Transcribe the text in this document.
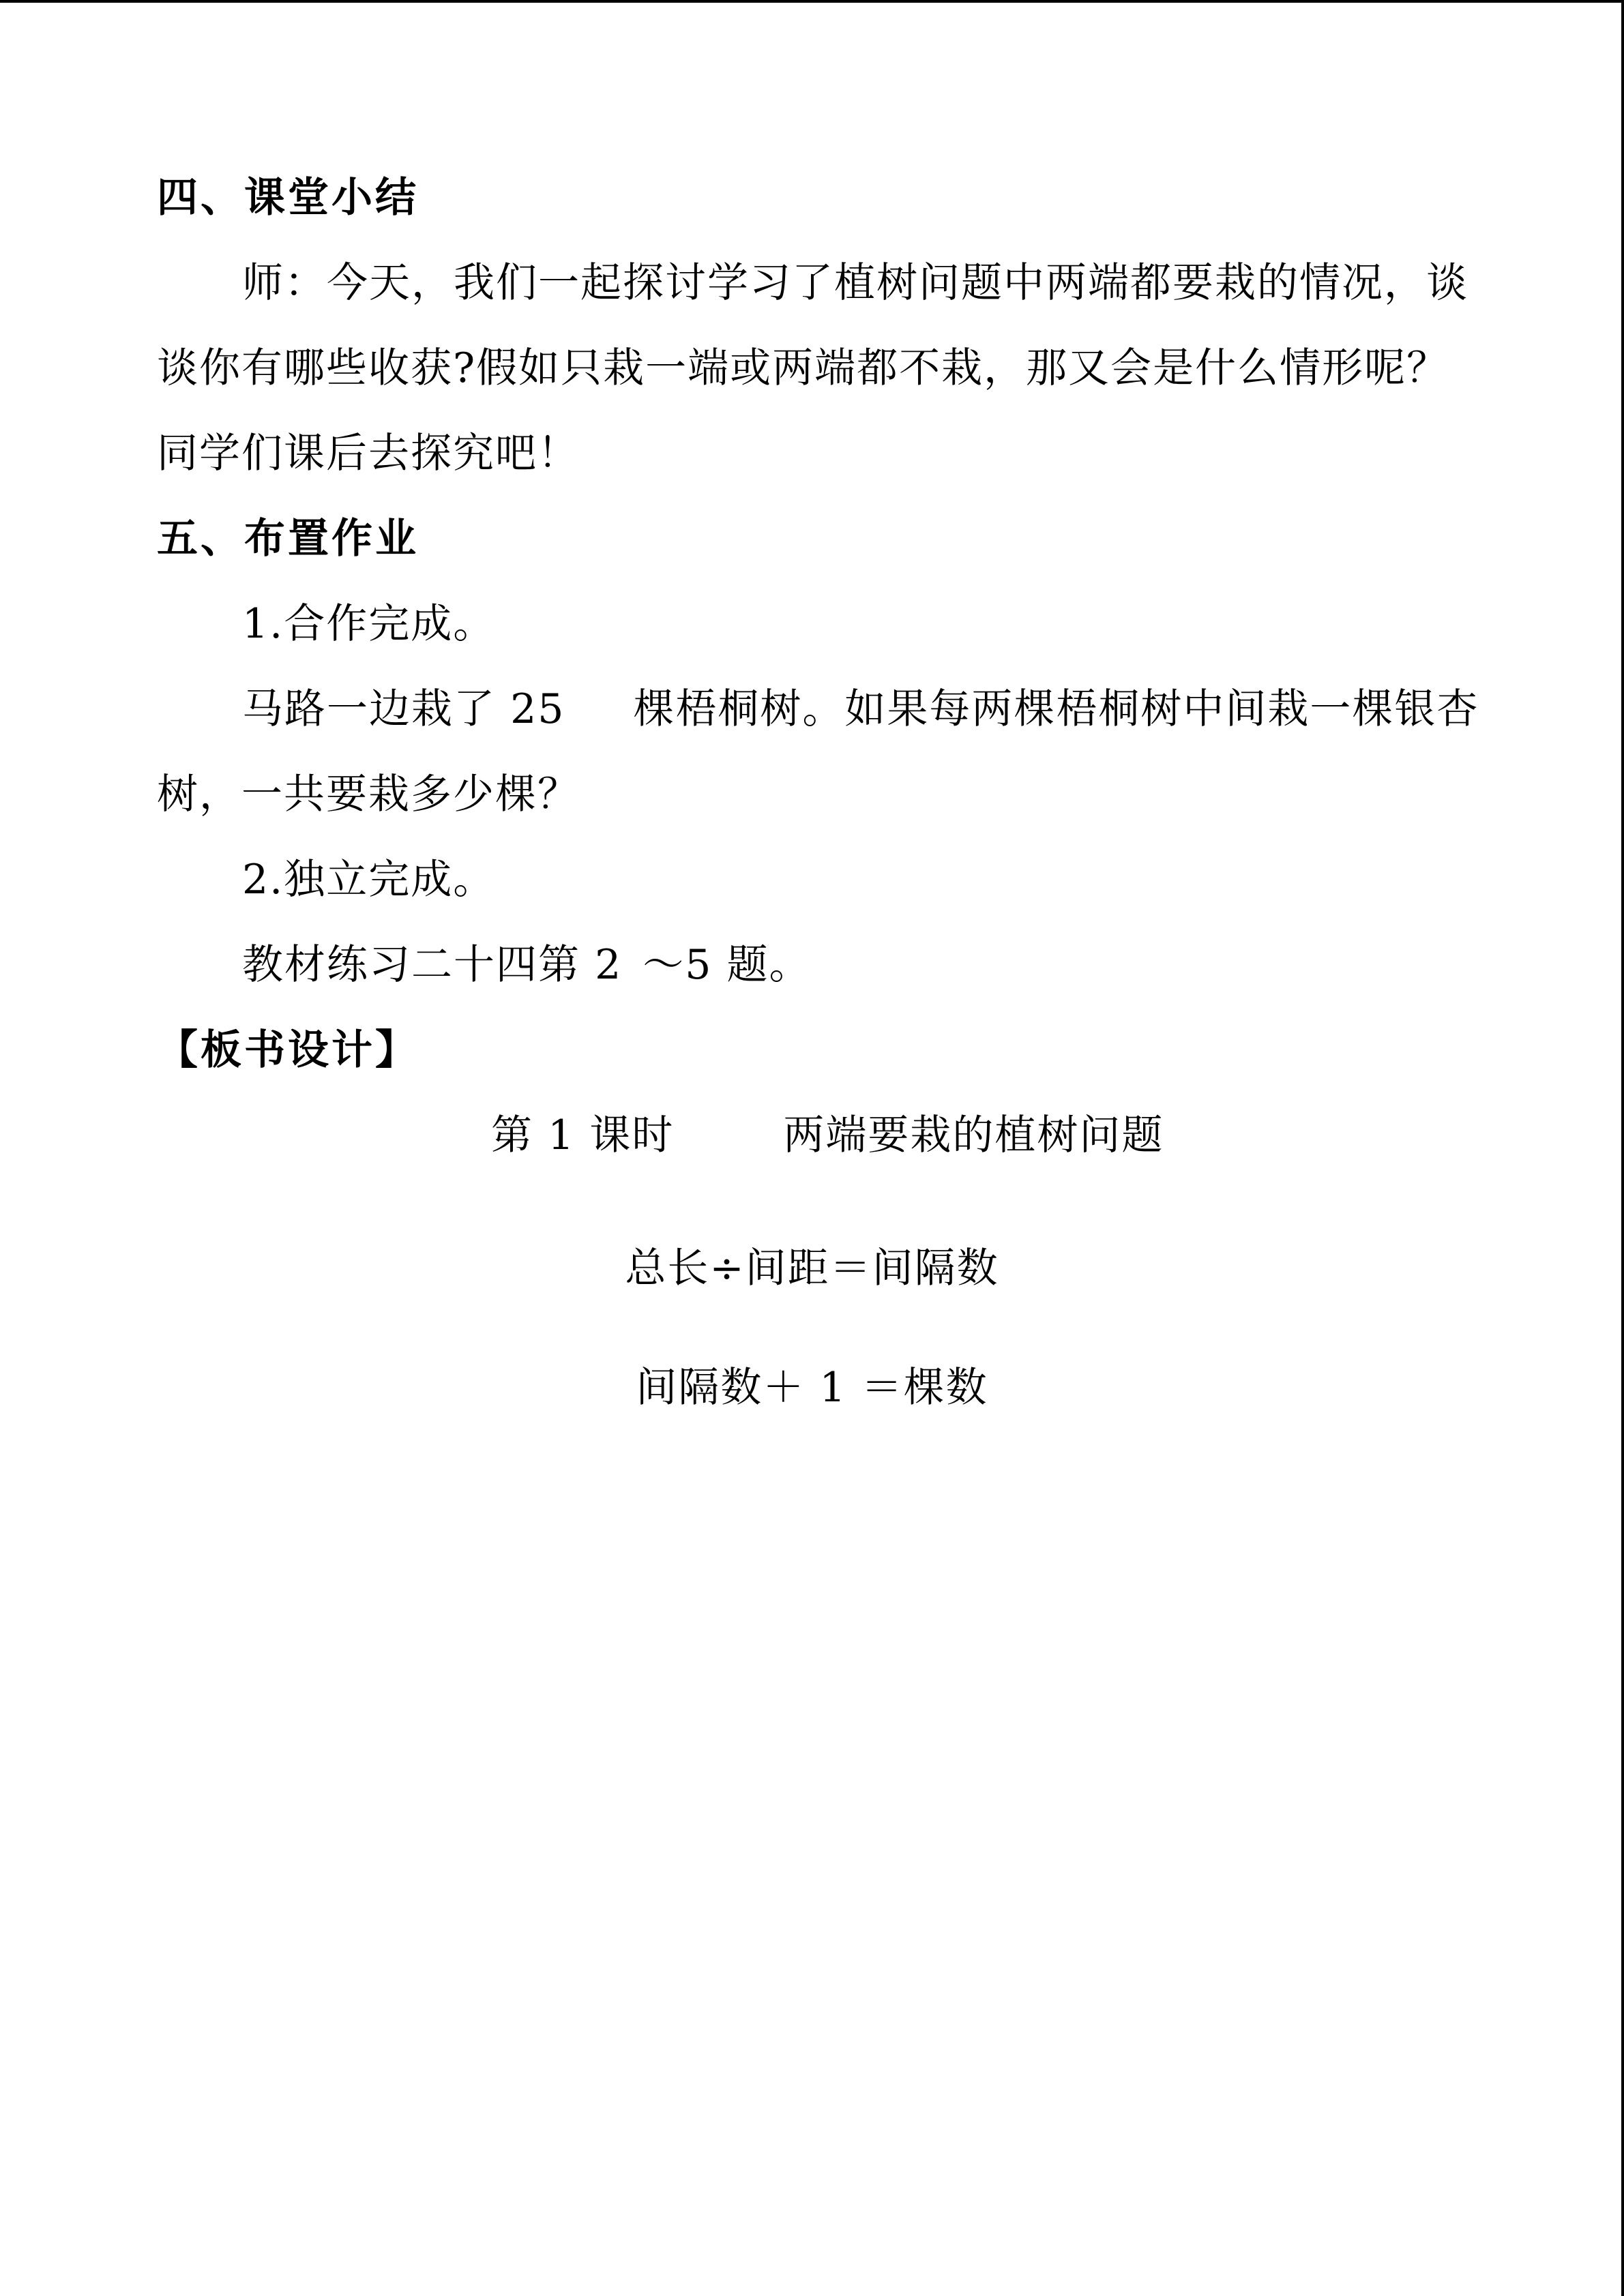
四、课堂小结
师：今天，我们一起探讨学习了植树问题中两端都要栽的情况，谈
谈你有哪些收获?假如只栽一端或两端都不栽，那又会是什么情形呢？
同学们课后去探究吧！
五、布置作业
1.合作完成。
马路一边栽了 25 棵梧桐树。如果每两棵梧桐树中间栽一棵银杏
树，一共要栽多少棵？
2.独立完成。
教材练习二十四第 2 ～5 题。
【板书设计】
第 1 课时	两端要栽的植树问题
总长÷间距＝间隔数
间隔数＋ 1 ＝棵数
